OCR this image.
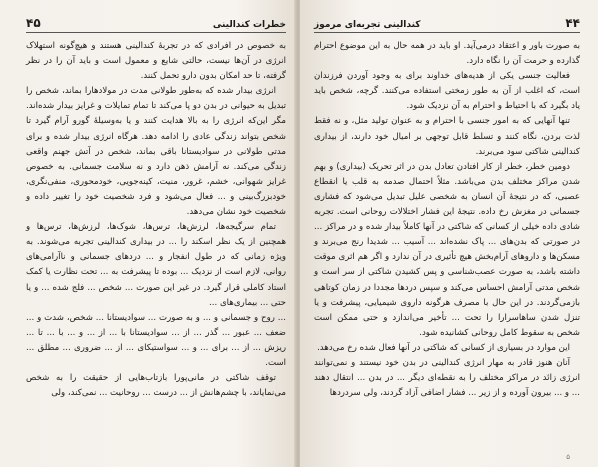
۴۵	خطرات کندالینی

به خصوص در افرادی که در تجربهٔ کندالینی هستند و هیچ‌گونه استهلاک انرژی در آن‌ها نیست، حالتی شایع و معمول است و باید آن را در نظر گرفته، تا حد امکان بدون دارو تحمل کنند.

انرژی بیدار شده که به‌طور طولانی مدت در مولادهارا بماند، شخص را تبدیل به حیوانی در بدن دو پا می‌کند تا تمام تمایلات و غرایز بیدار شده‌اند. مگر این‌که انرژی را به بالا هدایت کنند و یا به‌وسیلهٔ گورو آرام گیرد تا شخص بتواند زندگی عادی را ادامه دهد. هرگاه انرژی بیدار شده و برای مدتی طولانی در سوادیستانا باقی بماند، شخص در آتش جهنم واقعی زندگی می‌کند. نه آرامش ذهن دارد و نه سلامت جسمانی. به خصوص غرایز شهوانی، خشم، غرور، منیت، کینه‌جویی، خودمحوری، منفی‌نگری، خودبزرگ‌بینی و ... فعال می‌شود و فرد شخصیت خود را تغییر داده و شخصیت خود نشان می‌دهد.

تمام سرگیجه‌ها، لرزش‌ها، ترس‌ها، شوک‌ها، لرزش‌ها، ترس‌ها و همچنین از یک نظر اسکند را ... در بیداری کندالینی تجربه می‌شوند. به ویژه زمانی که در طول انفجار و ... دردهای جسمانی و ناآرامی‌های روانی، لازم است از نزدیک ... بوده تا پیشرفت به ... تحت نظارت یا کمک استاد کاملی قرار گیرد. در غیر این صورت ... شخص ... فلج شده ... و یا حتی ... بیماری‌های ...

... روح و جسمانی و ... و به صورت ... سوادیستانا ... شخص، شدت و ... ضعف ... عبور ... گذر ... از ... سوادیستانا با ... از ... و ... با ... تا ... ریزش ... از ... برای ... و ... سواستیکای ... از ... ضروری ... مطلق ... است.

توقف شاکتی در مانی‌پورا بازتاب‌هایی از حقیقت را به شخص می‌نمایاند، با چشم‌هانش از ... درست ... روحانیت ... نمی‌کند، ولی

کندالینی تجربه‌ای مرموز	۴۴

به صورت باور و اعتقاد درمی‌آید. او باید در همه حال به این موضوع احترام گذارده و حرمت آن را نگاه دارد.

فعالیت جنسی یکی از هدیه‌های خداوند برای به وجود آوردن فرزندان است، که اغلب از آن به طور زمختی استفاده می‌کنند. گرچه، شخص باید یاد بگیرد که با احتیاط و احترام به آن نزدیک شود.

تنها آنهایی که به امور جنسی با احترام و به عنوان تولید مثل، و نه فقط لذت بردن، نگاه کنند و تسلط قابل توجهی بر امیال خود دارند، از بیداری کندالینی شاکتی سود می‌برند.

دومین خطر، خطر از کار افتادن تعادل بدن در اثر تحریک (بیداری) و بهم شدن مراکز مختلف بدن می‌باشد. مثلاً احتمال صدمه به قلب یا انقطاع عصبی، که در نتیجهٔ آن انسان به شخصی علیل تبدیل می‌شود که فشاری جسمانی در مغزش رخ داده. نتیجهٔ این فشار اختلالات روحانی است. تجربه شادی داده خیلی از کسانی که شاکتی در آنها کاملاً بیدار شده و در مراکز ... در صورتی که بدن‌های ... پاک نشده‌اند ... آسیب ... شدیدا رنج می‌برند و مسکن‌ها و داروهای آرام‌بخش هیچ تأثیری در آن ندارد و اگر هم اثری موقت داشته باشد، به صورت عصب‌شناسی و پس کشیدن شاکتی از سر است و شخص مدتی آرامش احساس می‌کند و سپس دردها مجددا در زمان کوتاهی بازمی‌گردند. در این حال با مصرف هرگونه داروی شیمیایی، پیشرفت و یا تنزل شدن ساهاسرارا را تحت ... تأخیر می‌اندازد و حتی ممکن است شخص به سقوط کامل روحانی کشانیده شود.

این موارد در بسیاری از کسانی که شاکتی در آنها فعال شده رخ می‌دهد.

آنان هنوز قادر به مهار انرژی کندالینی در بدن خود نیستند و نمی‌توانند انرژی زائد در مراکز مختلف را به نقطه‌ای دیگر ... در بدن ... انتقال دهند ... و ... بیرون آورده و از زیر ... فشار اضافی آزاد گردند، ولی سردردها

۵
